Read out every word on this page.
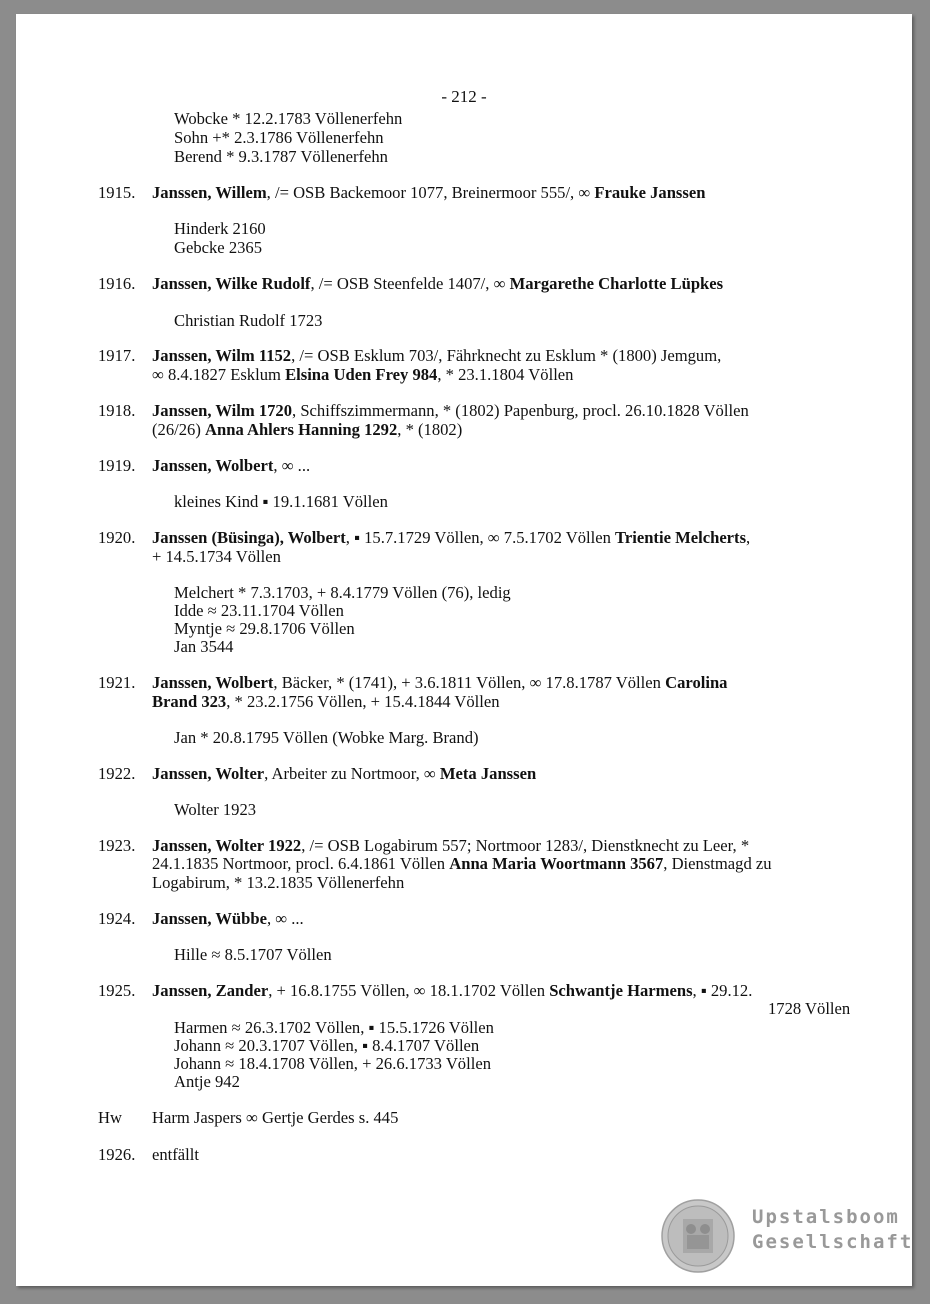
- 212 -
Wobcke * 12.2.1783 Völlenerfehn
Sohn +* 2.3.1786 Völlenerfehn
Berend * 9.3.1787 Völlenerfehn
1915. Janssen, Willem, /= OSB Backemoor 1077, Breinermoor 555/, ∞ Frauke Janssen
Hinderk 2160
Gebcke 2365
1916. Janssen, Wilke Rudolf, /= OSB Steenfelde 1407/, ∞ Margarethe Charlotte Lüpkes
Christian Rudolf 1723
1917. Janssen, Wilm 1152, /= OSB Esklum 703/, Fährknecht zu Esklum * (1800) Jemgum,
∞ 8.4.1827 Esklum Elsina Uden Frey 984, * 23.1.1804 Völlen
1918. Janssen, Wilm 1720, Schiffszimmermann, * (1802) Papenburg, procl. 26.10.1828 Völlen
(26/26) Anna Ahlers Hanning 1292, * (1802)
1919. Janssen, Wolbert, ∞ ...
kleines Kind ▪ 19.1.1681 Völlen
1920. Janssen (Büsinga), Wolbert, ▪ 15.7.1729 Völlen, ∞ 7.5.1702 Völlen Trientie Melcherts,
+ 14.5.1734 Völlen
Melchert * 7.3.1703, + 8.4.1779 Völlen (76), ledig
Idde ≈ 23.11.1704 Völlen
Myntje ≈ 29.8.1706 Völlen
Jan 3544
1921. Janssen, Wolbert, Bäcker, * (1741), + 3.6.1811 Völlen, ∞ 17.8.1787 Völlen Carolina
Brand 323, * 23.2.1756 Völlen, + 15.4.1844 Völlen
Jan * 20.8.1795 Völlen (Wobke Marg. Brand)
1922. Janssen, Wolter, Arbeiter zu Nortmoor, ∞ Meta Janssen
Wolter 1923
1923. Janssen, Wolter 1922, /= OSB Logabirum 557; Nortmoor 1283/, Dienstknecht zu Leer, *
24.1.1835 Nortmoor, procl. 6.4.1861 Völlen Anna Maria Woortmann 3567, Dienstmagd zu
Logabirum, * 13.2.1835 Völlenerfehn
1924. Janssen, Wübbe, ∞ ...
Hille ≈ 8.5.1707 Völlen
1925. Janssen, Zander, + 16.8.1755 Völlen, ∞ 18.1.1702 Völlen Schwantje Harmens, ▪ 29.12.
1728 Völlen
Harmen ≈ 26.3.1702 Völlen, ▪ 15.5.1726 Völlen
Johann ≈ 20.3.1707 Völlen, ▪ 8.4.1707 Völlen
Johann ≈ 18.4.1708 Völlen, + 26.6.1733 Völlen
Antje 942
Hw Harm Jaspers ∞ Gertje Gerdes s. 445
1926. entfällt
Upstalsboom
Gesellschaft
